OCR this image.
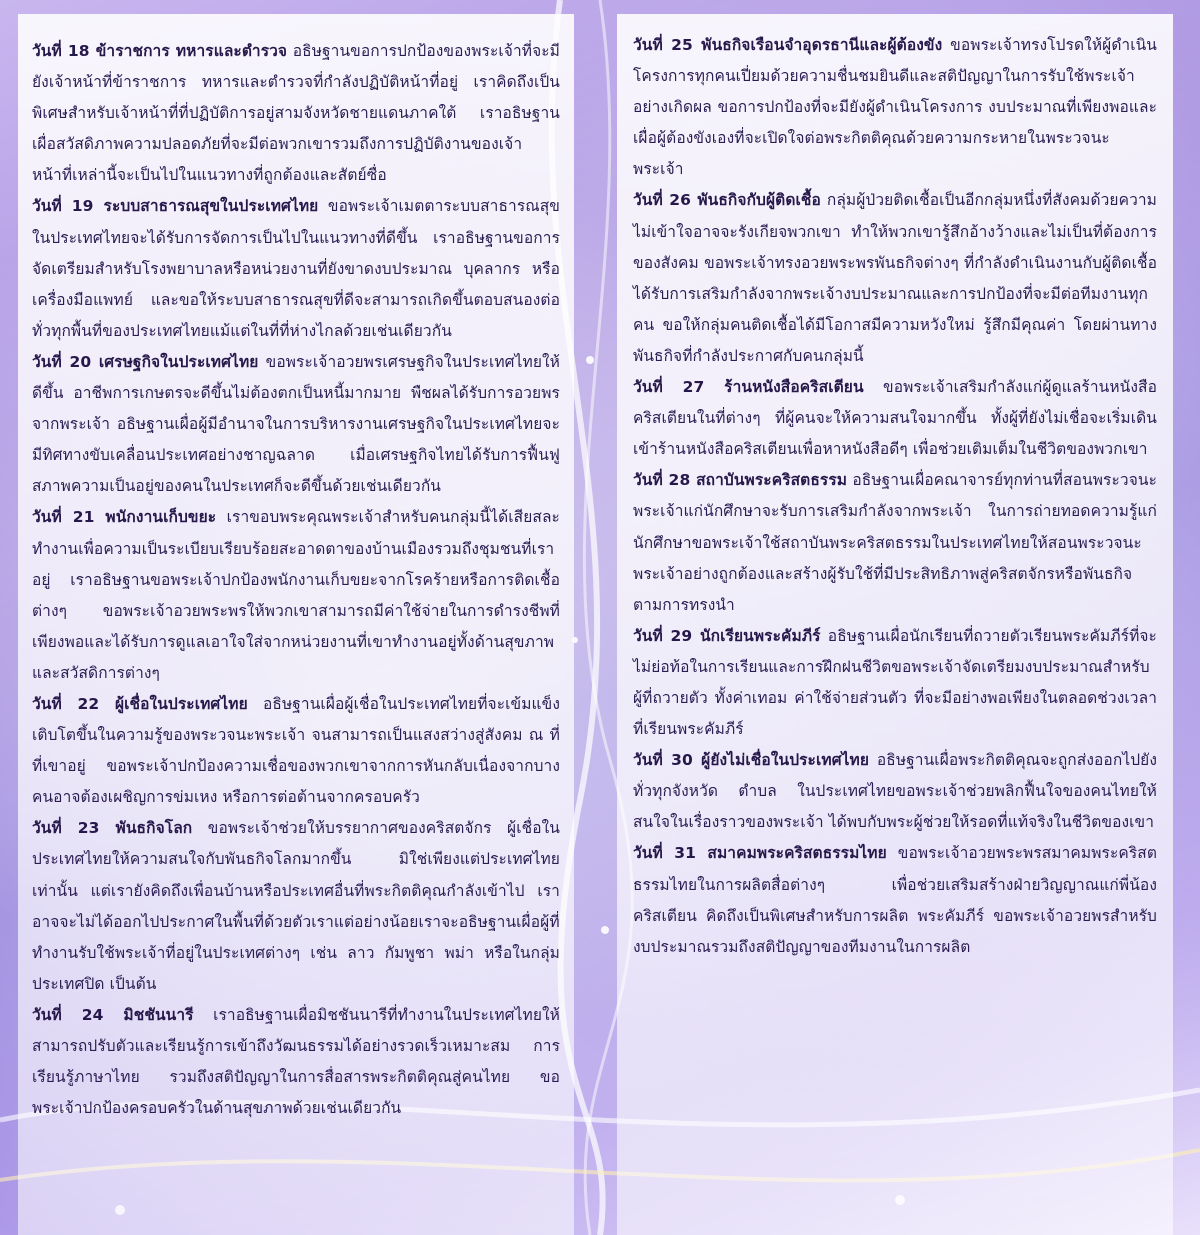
วันที่ 18 ข้าราชการ ทหารและตำรวจ อธิษฐานขอการปกป้องของพระเจ้าที่จะมียังเจ้าหน้าที่ข้าราชการ ทหารและตำรวจที่กำลังปฏิบัติหน้าที่อยู่ เราคิดถึงเป็นพิเศษสำหรับเจ้าหน้าที่ที่ปฏิบัติการอยู่สามจังหวัดชายแดนภาคใต้ เราอธิษฐานเผื่อสวัสดิภาพความปลอดภัยที่จะมีต่อพวกเขารวมถึงการปฏิบัติงานของเจ้าหน้าที่เหล่านี้จะเป็นไปในแนวทางที่ถูกต้องและสัตย์ซื่อ

วันที่ 19 ระบบสาธารณสุขในประเทศไทย ขอพระเจ้าเมตตาระบบสาธารณสุขในประเทศไทยจะได้รับการจัดการเป็นไปในแนวทางที่ดีขึ้น เราอธิษฐานขอการจัดเตรียมสำหรับโรงพยาบาลหรือหน่วยงานที่ยังขาดงบประมาณ บุคลากร หรือเครื่องมือแพทย์ และขอให้ระบบสาธารณสุขที่ดีจะสามารถเกิดขึ้นตอบสนองต่อทั่วทุกพื้นที่ของประเทศไทยแม้แต่ในที่ที่ห่างไกลด้วยเช่นเดียวกัน

วันที่ 20 เศรษฐกิจในประเทศไทย ขอพระเจ้าอวยพรเศรษฐกิจในประเทศไทยให้ดีขึ้น อาชีพการเกษตรจะดีขึ้นไม่ต้องตกเป็นหนี้มากมาย พืชผลได้รับการอวยพรจากพระเจ้า อธิษฐานเผื่อผู้มีอำนาจในการบริหารงานเศรษฐกิจในประเทศไทยจะมีทิศทางขับเคลื่อนประเทศอย่างชาญฉลาด เมื่อเศรษฐกิจไทยได้รับการฟื้นฟู สภาพความเป็นอยู่ของคนในประเทศก็จะดีขึ้นด้วยเช่นเดียวกัน

วันที่ 21 พนักงานเก็บขยะ เราขอบพระคุณพระเจ้าสำหรับคนกลุ่มนี้ได้เสียสละทำงานเพื่อความเป็นระเบียบเรียบร้อยสะอาดตาของบ้านเมืองรวมถึงชุมชนที่เราอยู่ เราอธิษฐานขอพระเจ้าปกป้องพนักงานเก็บขยะจากโรคร้ายหรือการติดเชื้อต่างๆ ขอพระเจ้าอวยพระพรให้พวกเขาสามารถมีค่าใช้จ่ายในการดำรงชีพที่เพียงพอและได้รับการดูแลเอาใจใส่จากหน่วยงานที่เขาทำงานอยู่ทั้งด้านสุขภาพและสวัสดิการต่างๆ

วันที่ 22 ผู้เชื่อในประเทศไทย อธิษฐานเผื่อผู้เชื่อในประเทศไทยที่จะเข้มแข็งเติบโตขึ้นในความรู้ของพระวจนะพระเจ้า จนสามารถเป็นแสงสว่างสู่สังคม ณ ที่ที่เขาอยู่ ขอพระเจ้าปกป้องความเชื่อของพวกเขาจากการหันกลับเนื่องจากบางคนอาจต้องเผชิญการข่มเหง หรือการต่อต้านจากครอบครัว

วันที่ 23 พันธกิจโลก ขอพระเจ้าช่วยให้บรรยากาศของคริสตจักร ผู้เชื่อในประเทศไทยให้ความสนใจกับพันธกิจโลกมากขึ้น มิใช่เพียงแต่ประเทศไทยเท่านั้น แต่เรายังคิดถึงเพื่อนบ้านหรือประเทศอื่นที่พระกิตติคุณกำลังเข้าไป เราอาจจะไม่ได้ออกไปประกาศในพื้นที่ด้วยตัวเราแต่อย่างน้อยเราจะอธิษฐานเผื่อผู้ที่ทำงานรับใช้พระเจ้าที่อยู่ในประเทศต่างๆ เช่น ลาว กัมพูชา พม่า หรือในกลุ่มประเทศปิด เป็นต้น

วันที่ 24 มิชชันนารี เราอธิษฐานเผื่อมิชชันนารีที่ทำงานในประเทศไทยให้สามารถปรับตัวและเรียนรู้การเข้าถึงวัฒนธรรมได้อย่างรวดเร็วเหมาะสม การเรียนรู้ภาษาไทย รวมถึงสติปัญญาในการสื่อสารพระกิตติคุณสู่คนไทย ขอพระเจ้าปกป้องครอบครัวในด้านสุขภาพด้วยเช่นเดียวกัน

วันที่ 25 พันธกิจเรือนจำอุดรธานีและผู้ต้องขัง ขอพระเจ้าทรงโปรดให้ผู้ดำเนินโครงการทุกคนเปี่ยมด้วยความชื่นชมยินดีและสติปัญญาในการรับใช้พระเจ้าอย่างเกิดผล ขอการปกป้องที่จะมียังผู้ดำเนินโครงการ งบประมาณที่เพียงพอและเผื่อผู้ต้องขังเองที่จะเปิดใจต่อพระกิตติคุณด้วยความกระหายในพระวจนะพระเจ้า

วันที่ 26 พันธกิจกับผู้ติดเชื้อ กลุ่มผู้ป่วยติดเชื้อเป็นอีกกลุ่มหนึ่งที่สังคมด้วยความไม่เข้าใจอาจจะรังเกียจพวกเขา ทำให้พวกเขารู้สึกอ้างว้างและไม่เป็นที่ต้องการของสังคม ขอพระเจ้าทรงอวยพระพรพันธกิจต่างๆ ที่กำลังดำเนินงานกับผู้ติดเชื้อ ได้รับการเสริมกำลังจากพระเจ้างบประมาณและการปกป้องที่จะมีต่อทีมงานทุกคน ขอให้กลุ่มคนติดเชื้อได้มีโอกาสมีความหวังใหม่ รู้สึกมีคุณค่า โดยผ่านทางพันธกิจที่กำลังประกาศกับคนกลุ่มนี้

วันที่ 27 ร้านหนังสือคริสเตียน ขอพระเจ้าเสริมกำลังแก่ผู้ดูแลร้านหนังสือคริสเตียนในที่ต่างๆ ที่ผู้คนจะให้ความสนใจมากขึ้น ทั้งผู้ที่ยังไม่เชื่อจะเริ่มเดินเข้าร้านหนังสือคริสเตียนเพื่อหาหนังสือดีๆ เพื่อช่วยเติมเต็มในชีวิตของพวกเขา

วันที่ 28 สถาบันพระคริสตธรรม อธิษฐานเผื่อคณาจารย์ทุกท่านที่สอนพระวจนะพระเจ้าแก่นักศึกษาจะรับการเสริมกำลังจากพระเจ้า ในการถ่ายทอดความรู้แก่นักศึกษาขอพระเจ้าใช้สถาบันพระคริสตธรรมในประเทศไทยให้สอนพระวจนะพระเจ้าอย่างถูกต้องและสร้างผู้รับใช้ที่มีประสิทธิภาพสู่คริสตจักรหรือพันธกิจตามการทรงนำ

วันที่ 29 นักเรียนพระคัมภีร์ อธิษฐานเผื่อนักเรียนที่ถวายตัวเรียนพระคัมภีร์ที่จะไม่ย่อท้อในการเรียนและการฝึกฝนชีวิตขอพระเจ้าจัดเตรียมงบประมาณสำหรับผู้ที่ถวายตัว ทั้งค่าเทอม ค่าใช้จ่ายส่วนตัว ที่จะมีอย่างพอเพียงในตลอดช่วงเวลาที่เรียนพระคัมภีร์

วันที่ 30 ผู้ยังไม่เชื่อในประเทศไทย อธิษฐานเผื่อพระกิตติคุณจะถูกส่งออกไปยังทั่วทุกจังหวัด ตำบล ในประเทศไทยขอพระเจ้าช่วยพลิกฟื้นใจของคนไทยให้สนใจในเรื่องราวของพระเจ้า ได้พบกับพระผู้ช่วยให้รอดที่แท้จริงในชีวิตของเขา

วันที่ 31 สมาคมพระคริสตธรรมไทย ขอพระเจ้าอวยพระพรสมาคมพระคริสตธรรมไทยในการผลิตสื่อต่างๆ เพื่อช่วยเสริมสร้างฝ่ายวิญญาณแก่พี่น้องคริสเตียน คิดถึงเป็นพิเศษสำหรับการผลิต พระคัมภีร์ ขอพระเจ้าอวยพรสำหรับงบประมาณรวมถึงสติปัญญาของทีมงานในการผลิต
